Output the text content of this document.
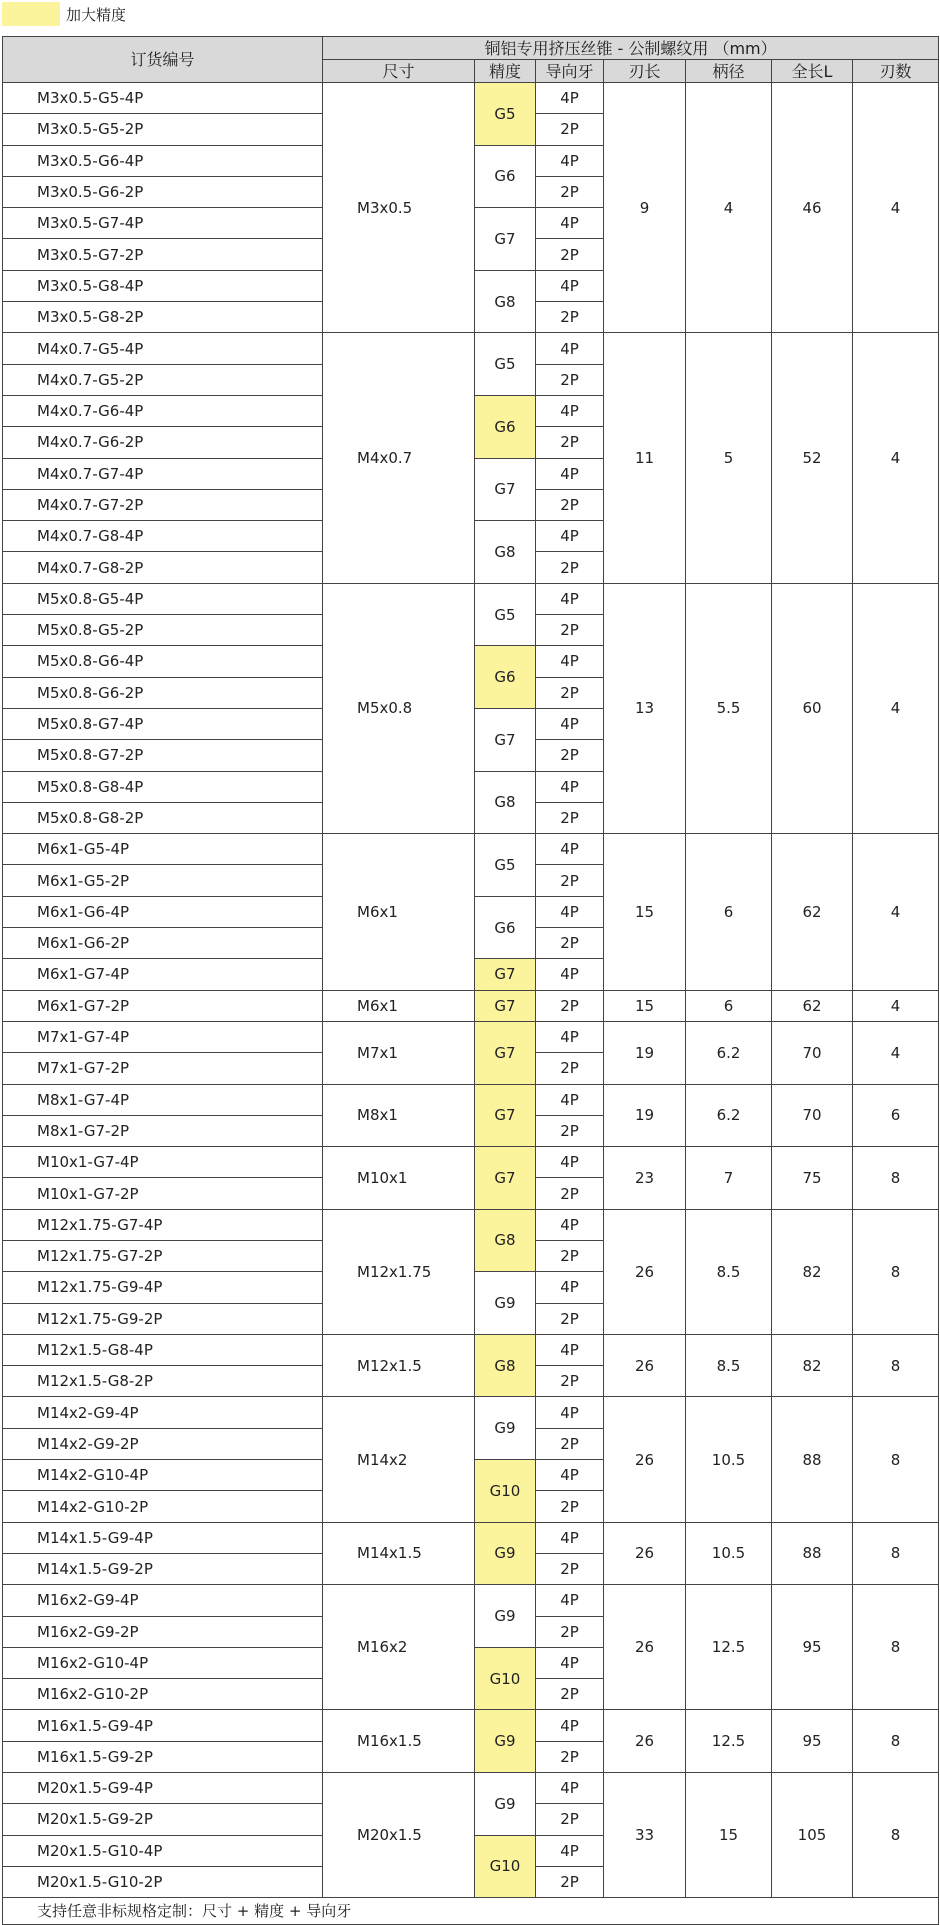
加大精度
订货编号	铜铝专用挤压丝锥 - 公制螺纹用 （mm）						
	尺寸	精度	导向牙	刃长	柄径	全长L	刃数
M3x0.5-G5-4P	M3x0.5	G5	4P	9	4	46	4
M3x0.5-G5-2P			2P				
M3x0.5-G6-4P		G6	4P				
M3x0.5-G6-2P			2P				
M3x0.5-G7-4P		G7	4P				
M3x0.5-G7-2P			2P				
M3x0.5-G8-4P		G8	4P				
M3x0.5-G8-2P			2P				
M4x0.7-G5-4P	M4x0.7	G5	4P	11	5	52	4
M4x0.7-G5-2P			2P				
M4x0.7-G6-4P		G6	4P				
M4x0.7-G6-2P			2P				
M4x0.7-G7-4P		G7	4P				
M4x0.7-G7-2P			2P				
M4x0.7-G8-4P		G8	4P				
M4x0.7-G8-2P			2P				
M5x0.8-G5-4P	M5x0.8	G5	4P	13	5.5	60	4
M5x0.8-G5-2P			2P				
M5x0.8-G6-4P		G6	4P				
M5x0.8-G6-2P			2P				
M5x0.8-G7-4P		G7	4P				
M5x0.8-G7-2P			2P				
M5x0.8-G8-4P		G8	4P				
M5x0.8-G8-2P			2P				
M6x1-G5-4P	M6x1	G5	4P	15	6	62	4
M6x1-G5-2P			2P				
M6x1-G6-4P		G6	4P				
M6x1-G6-2P			2P				
M6x1-G7-4P		G7	4P				
M6x1-G7-2P	M6x1	G7	2P	15	6	62	4
M7x1-G7-4P	M7x1	G7	4P	19	6.2	70	4
M7x1-G7-2P			2P				
M8x1-G7-4P	M8x1	G7	4P	19	6.2	70	6
M8x1-G7-2P			2P				
M10x1-G7-4P	M10x1	G7	4P	23	7	75	8
M10x1-G7-2P			2P				
M12x1.75-G7-4P	M12x1.75	G8	4P	26	8.5	82	8
M12x1.75-G7-2P			2P				
M12x1.75-G9-4P		G9	4P				
M12x1.75-G9-2P			2P				
M12x1.5-G8-4P	M12x1.5	G8	4P	26	8.5	82	8
M12x1.5-G8-2P			2P				
M14x2-G9-4P	M14x2	G9	4P	26	10.5	88	8
M14x2-G9-2P			2P				
M14x2-G10-4P		G10	4P				
M14x2-G10-2P			2P				
M14x1.5-G9-4P	M14x1.5	G9	4P	26	10.5	88	8
M14x1.5-G9-2P			2P				
M16x2-G9-4P	M16x2	G9	4P	26	12.5	95	8
M16x2-G9-2P			2P				
M16x2-G10-4P		G10	4P				
M16x2-G10-2P			2P				
M16x1.5-G9-4P	M16x1.5	G9	4P	26	12.5	95	8
M16x1.5-G9-2P			2P				
M20x1.5-G9-4P	M20x1.5	G9	4P	33	15	105	8
M20x1.5-G9-2P			2P				
M20x1.5-G10-4P		G10	4P				
M20x1.5-G10-2P			2P				
支持任意非标规格定制：尺寸 + 精度 + 导向牙							
